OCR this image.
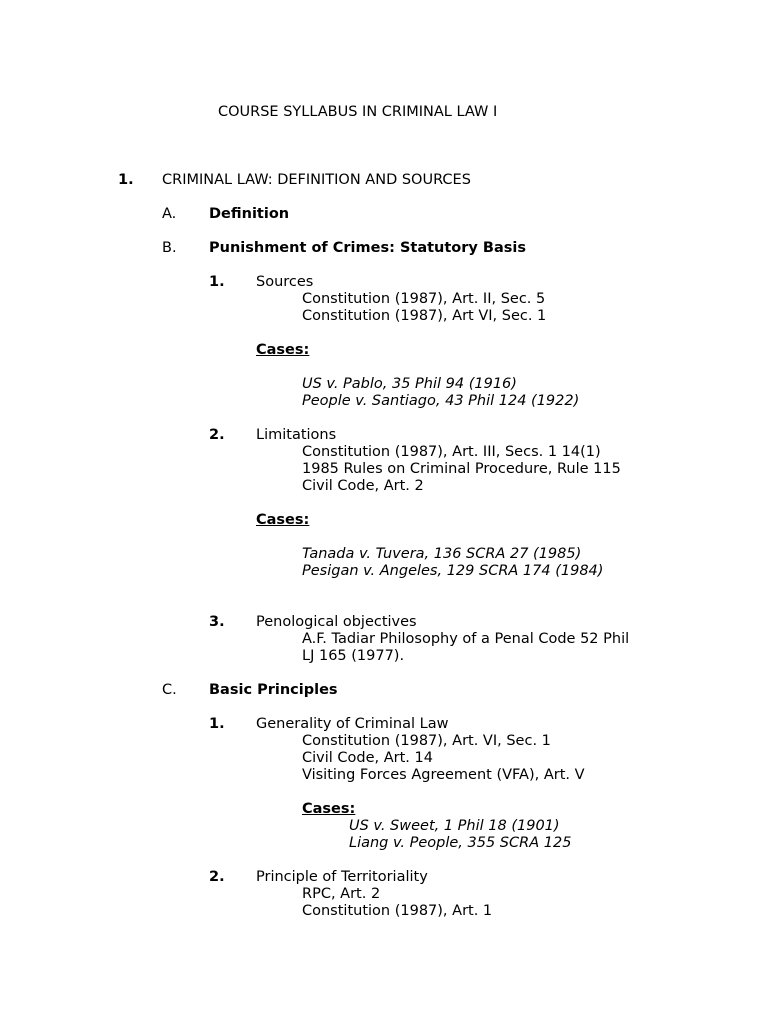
COURSE SYLLABUS IN CRIMINAL LAW I
1. CRIMINAL LAW: DEFINITION AND SOURCES
A. Definition
B. Punishment of Crimes: Statutory Basis
1. Sources
Constitution (1987), Art. II, Sec. 5
Constitution (1987), Art VI, Sec. 1
Cases:
US v. Pablo, 35 Phil 94 (1916)
People v. Santiago, 43 Phil 124 (1922)
2. Limitations
Constitution (1987), Art. III, Secs. 1 14(1)
1985 Rules on Criminal Procedure, Rule 115
Civil Code, Art. 2
Cases:
Tanada v. Tuvera, 136 SCRA 27 (1985)
Pesigan v. Angeles, 129 SCRA 174 (1984)
3. Penological objectives
A.F. Tadiar Philosophy of a Penal Code 52 Phil
LJ 165 (1977).
C. Basic Principles
1. Generality of Criminal Law
Constitution (1987), Art. VI, Sec. 1
Civil Code, Art. 14
Visiting Forces Agreement (VFA), Art. V
Cases:
US v. Sweet, 1 Phil 18 (1901)
Liang v. People, 355 SCRA 125
2. Principle of Territoriality
RPC, Art. 2
Constitution (1987), Art. 1
